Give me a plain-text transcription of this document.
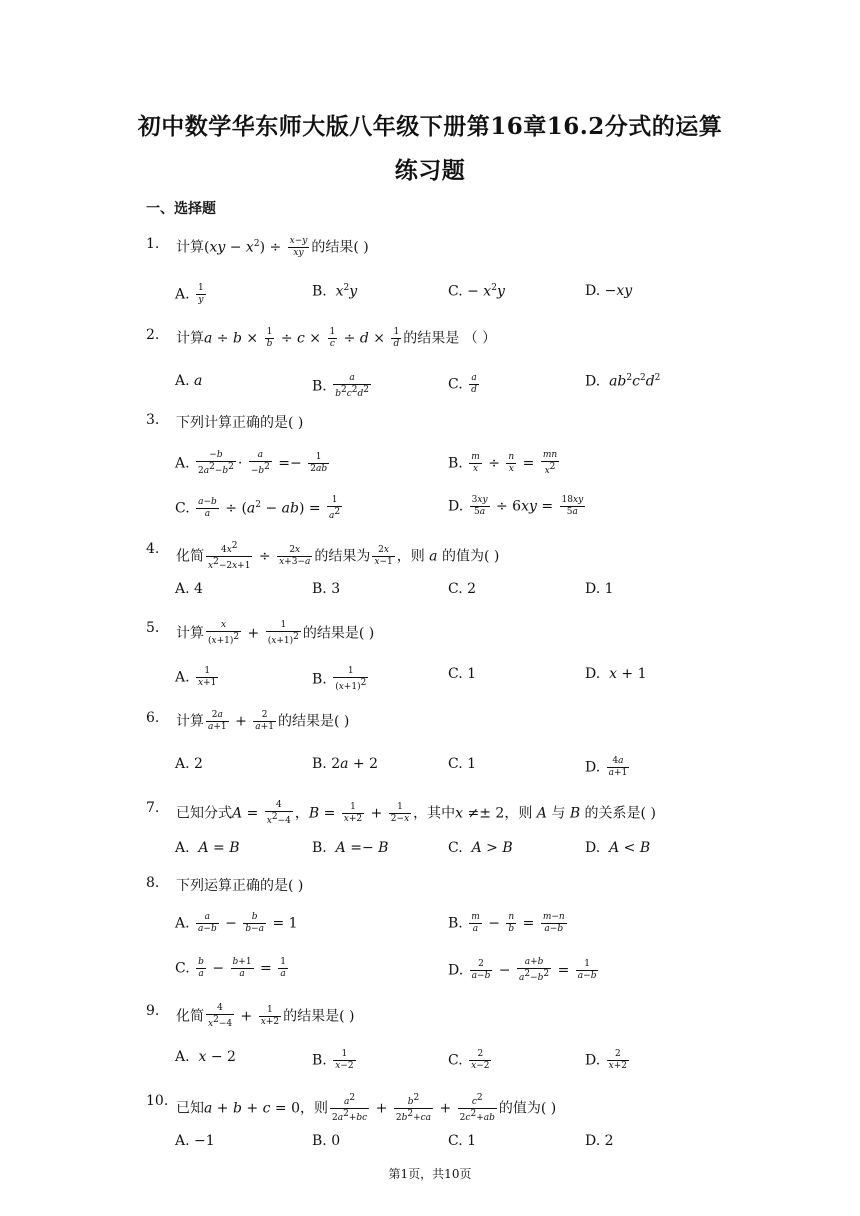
初中数学华东师大版八年级下册第16章16.2分式的运算
练习题
一、选择题
1. 计算$(xy - x^2) \div \frac{x-y}{xy}$ 的结果( )
A. $\frac{1}{y}$	B.  $x^2y$	C. − $x^2y$	D. −xy
2. 计算$a \div b \times \frac{1}{b} \div c \times \frac{1}{c} \div d \times \frac{1}{d}$ 的结果是 （ ）
A. a	B. $\frac{a}{b^2c^2d^2}$	C. $\frac{a}{d}$	D.  $ab^2c^2d^2$
3. 下列计算正确的是( )
A. $\frac{-b}{2a^2-b^2} \cdot \frac{a}{-b^2} =- \frac{1}{2ab}$	B. $\frac{m}{x} \div \frac{n}{x} = \frac{mn}{x^2}$
C. $\frac{a-b}{a} \div (a^2 - ab) = \frac{1}{a^2}$	D. $\frac{3xy}{5a} \div 6xy = \frac{18xy}{5a}$
4. 化简 $\frac{4x^2}{x^2-2x+1} \div \frac{2x}{x+3-a}$ 的结果为 $\frac{2x}{x-1}$ ，则 a 的值为( )
A. 4	B. 3	C. 2	D. 1
5. 计算 $\frac{x}{(x+1)^2} + \frac{1}{(x+1)^2}$ 的结果是( )
A. $\frac{1}{x+1}$	B. $\frac{1}{(x+1)^2}$	C. 1	D.  x + 1
6. 计算 $\frac{2a}{a+1} + \frac{2}{a+1}$ 的结果是( )
A. 2	B. 2a + 2	C. 1	D. $\frac{4a}{a+1}$
7. 已知分式$A = \frac{4}{x^2-4}$ ，$B = \frac{1}{x+2} + \frac{1}{2-x}$ ，其中x ≠± 2，则 A 与 B 的关系是( )
A.  A = B	B.  A =− B	C.  A > B	D.  A < B
8. 下列运算正确的是( )
A. $\frac{a}{a-b} - \frac{b}{b-a} = 1$	B. $\frac{m}{a} - \frac{n}{b} = \frac{m-n}{a-b}$
C. $\frac{b}{a} - \frac{b+1}{a} = \frac{1}{a}$	D. $\frac{2}{a-b} - \frac{a+b}{a^2-b^2} = \frac{1}{a-b}$
9. 化简 $\frac{4}{x^2-4} + \frac{1}{x+2}$ 的结果是( )
A.  x − 2	B. $\frac{1}{x-2}$	C. $\frac{2}{x-2}$	D. $\frac{2}{x+2}$
10. 已知a + b + c = 0，则 $\frac{a^2}{2a^2+bc} + \frac{b^2}{2b^2+ca} + \frac{c^2}{2c^2+ab}$ 的值为( )
A. −1	B. 0	C. 1	D. 2
第1页，共10页
